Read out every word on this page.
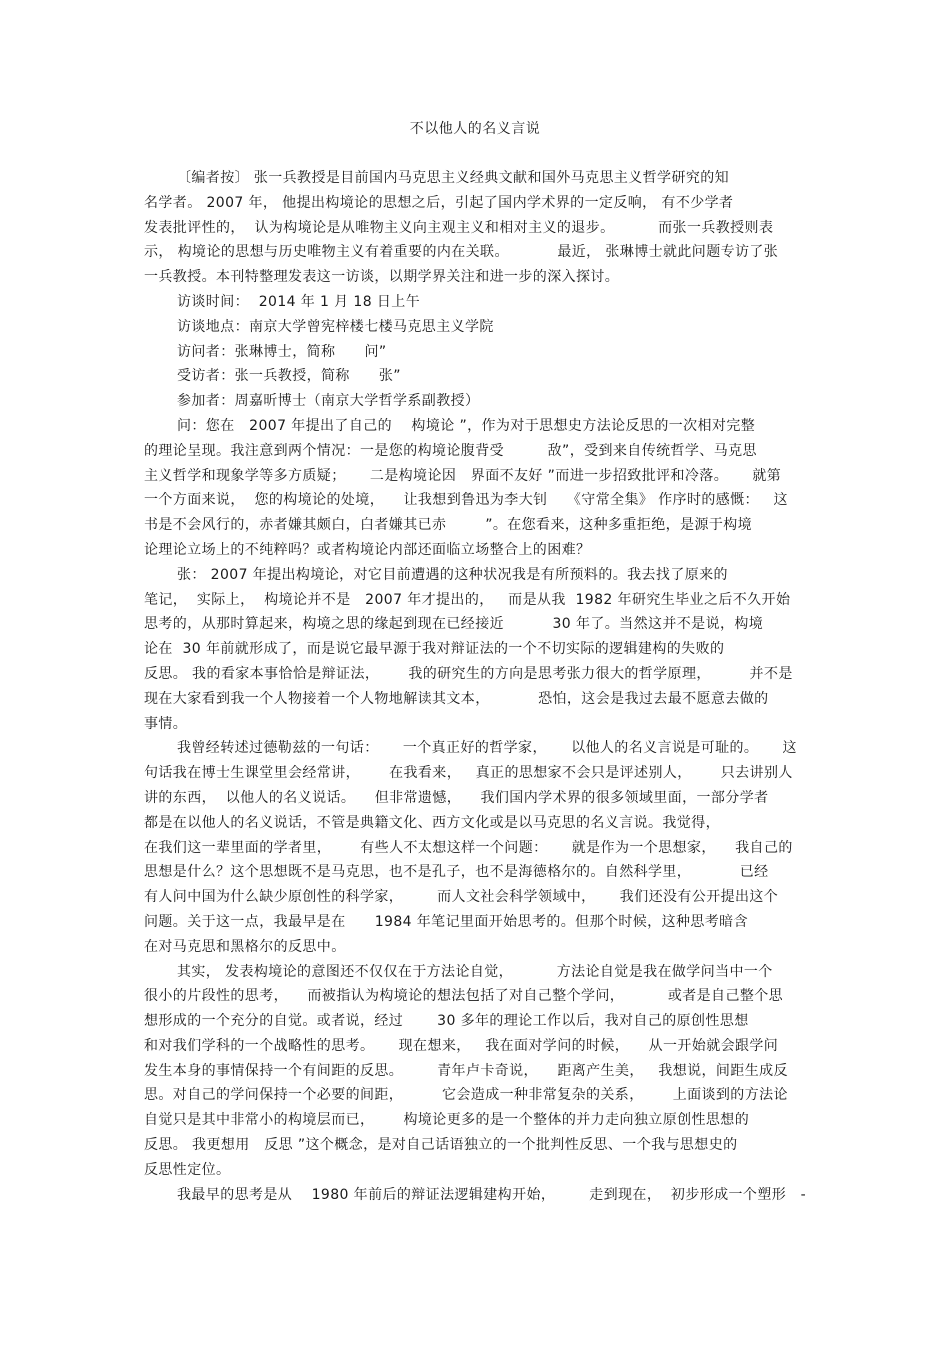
不以他人的名义言说
〔编者按〕 张一兵教授是目前国内马克思主义经典文献和国外马克思主义哲学研究的知
名学者。 2007 年， 他提出构境论的思想之后，引起了国内学术界的一定反响， 有不少学者
发表批评性的，  认为构境论是从唯物主义向主观主义和相对主义的退步。         而张一兵教授则表
示， 构境论的思想与历史唯物主义有着重要的内在关联。          最近， 张琳博士就此问题专访了张
一兵教授。本刊特整理发表这一访谈，以期学界关注和进一步的深入探讨。
访谈时间：  2014 年 1 月 18 日上午
访谈地点：南京大学曾宪梓楼七楼马克思主义学院
访问者：张琳博士，简称      问”
受访者：张一兵教授，简称      张”
参加者：周嘉昕博士（南京大学哲学系副教授）
问：您在   2007 年提出了自己的    构境论 ”，作为对于思想史方法论反思的一次相对完整
的理论呈现。我注意到两个情况：一是您的构境论腹背受         敌”，受到来自传统哲学、马克思
主义哲学和现象学等多方质疑；     二是构境论因   界面不友好 ”而进一步招致批评和冷落。     就第
一个方面来说，  您的构境论的处境，    让我想到鲁迅为李大钊    《守常全集》 作序时的感慨：   这
书是不会风行的，赤者嫌其颇白，白者嫌其已赤        ”。在您看来，这种多重拒绝，是源于构境
论理论立场上的不纯粹吗？或者构境论内部还面临立场整合上的困难？
张： 2007 年提出构境论，对它目前遭遇的这种状况我是有所预料的。我去找了原来的
笔记，  实际上，  构境论并不是   2007 年才提出的，   而是从我  1982 年研究生毕业之后不久开始
思考的，从那时算起来，构境之思的缘起到现在已经接近          30 年了。当然这并不是说，构境
论在  30 年前就形成了，而是说它最早源于我对辩证法的一个不切实际的逻辑建构的失败的
反思。 我的看家本事恰恰是辩证法，      我的研究生的方向是思考张力很大的哲学原理，        并不是
现在大家看到我一个人物接着一个人物地解读其文本，          恐怕，这会是我过去最不愿意去做的
事情。
我曾经转述过德勒兹的一句话：     一个真正好的哲学家，     以他人的名义言说是可耻的。     这
句话我在博士生课堂里会经常讲，      在我看来，   真正的思想家不会只是评述别人，      只去讲别人
讲的东西，  以他人的名义说话。    但非常遗憾，    我们国内学术界的很多领域里面，一部分学者
都是在以他人的名义说话，不管是典籍文化、西方文化或是以马克思的名义言说。我觉得，
在我们这一辈里面的学者里，      有些人不太想这样一个问题：     就是作为一个思想家，    我自己的
思想是什么？这个思想既不是马克思，也不是孔子，也不是海德格尔的。自然科学里，          已经
有人问中国为什么缺少原创性的科学家，       而人文社会科学领域中，     我们还没有公开提出这个
问题。关于这一点，我最早是在      1984 年笔记里面开始思考的。但那个时候，这种思考暗含
在对马克思和黑格尔的反思中。
其实， 发表构境论的意图还不仅仅在于方法论自觉，         方法论自觉是我在做学问当中一个
很小的片段性的思考，    而被指认为构境论的想法包括了对自己整个学问，         或者是自己整个思
想形成的一个充分的自觉。或者说，经过       30 多年的理论工作以后，我对自己的原创性思想
和对我们学科的一个战略性的思考。     现在想来，   我在面对学问的时候，    从一开始就会跟学问
发生本身的事情保持一个有间距的反思。       青年卢卡奇说，    距离产生美，   我想说，间距生成反
思。对自己的学问保持一个必要的间距，        它会造成一种非常复杂的关系，      上面谈到的方法论
自觉只是其中非常小的构境层而已，      构境论更多的是一个整体的并力走向独立原创性思想的
反思。 我更想用   反思 ”这个概念，是对自己话语独立的一个批判性反思、一个我与思想史的
反思性定位。
我最早的思考是从    1980 年前后的辩证法逻辑建构开始，       走到现在，  初步形成一个塑形   -
